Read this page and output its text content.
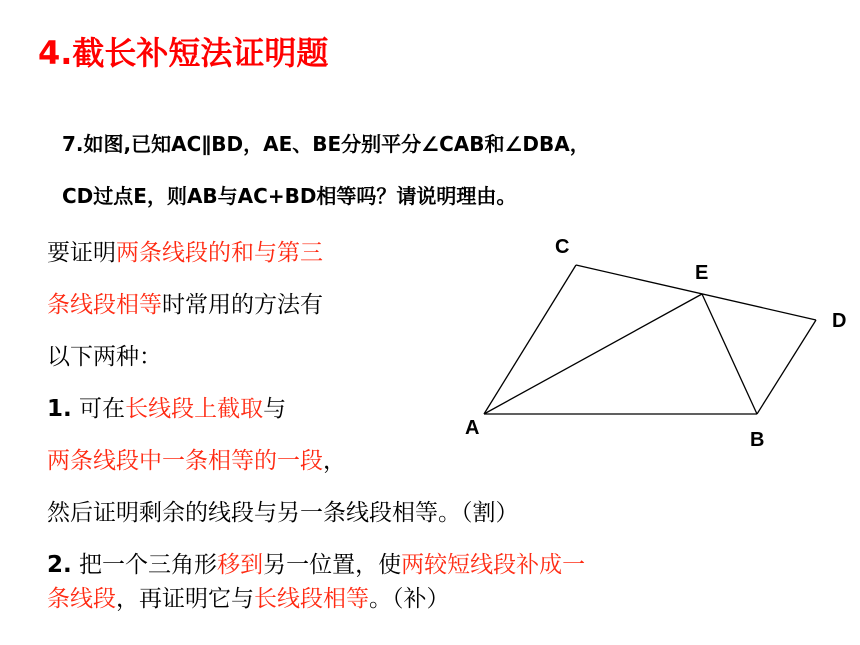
4.截长补短法证明题
7.如图,已知AC∥BD，AE、BE分别平分∠CAB和∠DBA，
CD过点E，则AB与AC+BD相等吗？请说明理由。
要证明两条线段的和与第三
条线段相等时常用的方法有
以下两种：
1. 可在长线段上截取与
两条线段中一条相等的一段，
然后证明剩余的线段与另一条线段相等。（割）
2. 把一个三角形移到另一位置，使两较短线段补成一
条线段，再证明它与长线段相等。（补）
C
E
D
A
B
